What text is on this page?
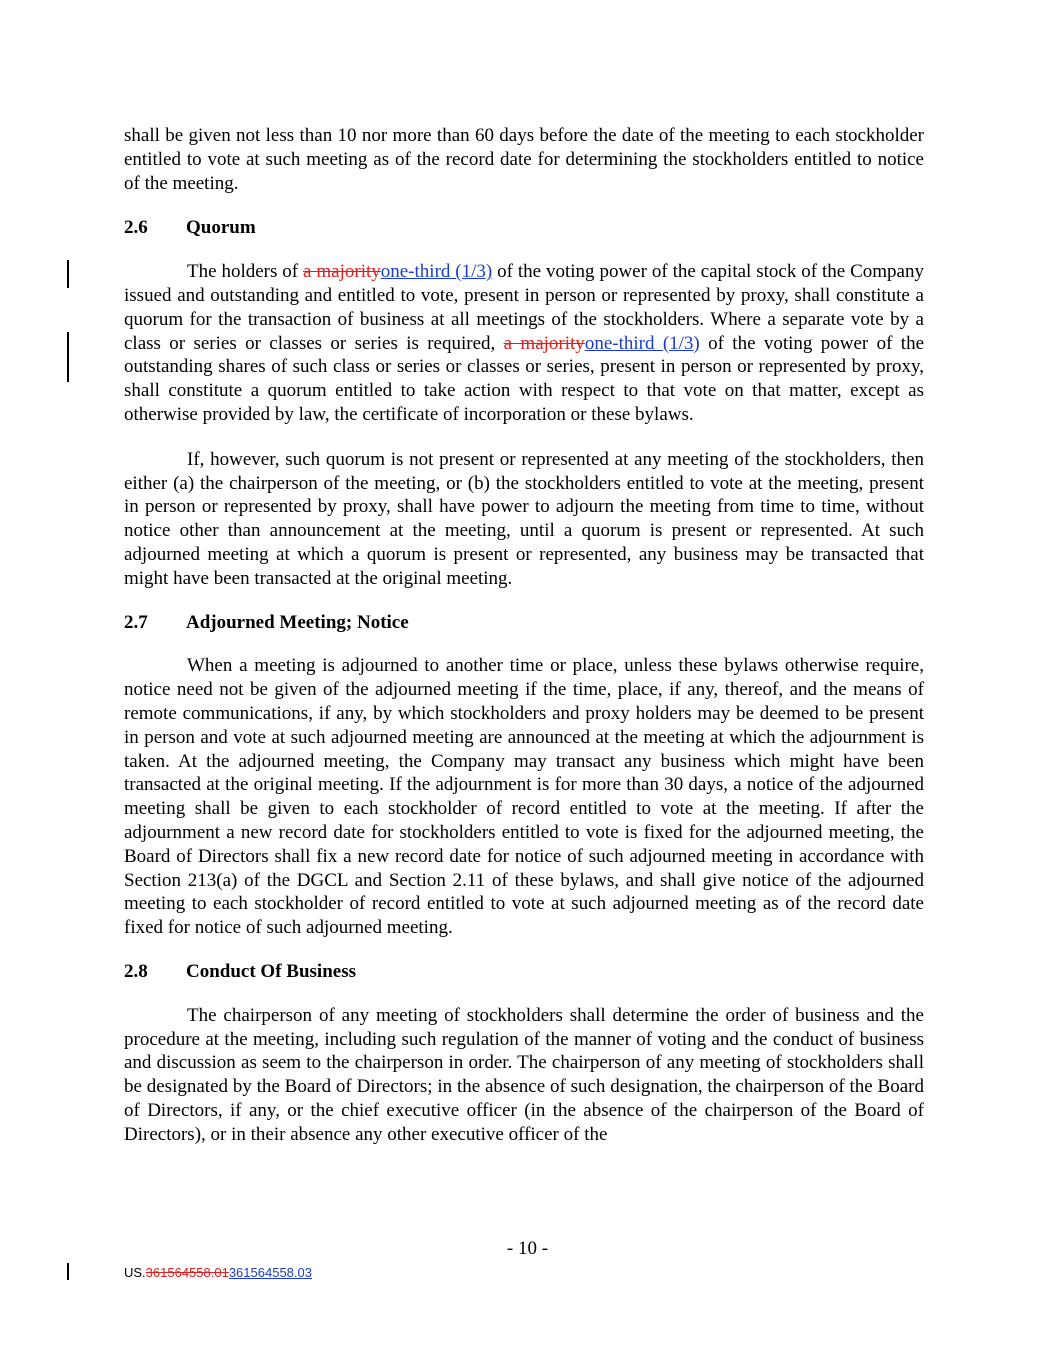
shall be given not less than 10 nor more than 60 days before the date of the meeting to each stockholder entitled to vote at such meeting as of the record date for determining the stockholders entitled to notice of the meeting.

2.6 Quorum

The holders of a majorityone-third (1/3) of the voting power of the capital stock of the Company issued and outstanding and entitled to vote, present in person or represented by proxy, shall constitute a quorum for the transaction of business at all meetings of the stockholders. Where a separate vote by a class or series or classes or series is required, a majorityone-third (1/3) of the voting power of the outstanding shares of such class or series or classes or series, present in person or represented by proxy, shall constitute a quorum entitled to take action with respect to that vote on that matter, except as otherwise provided by law, the certificate of incorporation or these bylaws.

If, however, such quorum is not present or represented at any meeting of the stockholders, then either (a) the chairperson of the meeting, or (b) the stockholders entitled to vote at the meeting, present in person or represented by proxy, shall have power to adjourn the meeting from time to time, without notice other than announcement at the meeting, until a quorum is present or represented. At such adjourned meeting at which a quorum is present or represented, any business may be transacted that might have been transacted at the original meeting.

2.7 Adjourned Meeting; Notice

When a meeting is adjourned to another time or place, unless these bylaws otherwise require, notice need not be given of the adjourned meeting if the time, place, if any, thereof, and the means of remote communications, if any, by which stockholders and proxy holders may be deemed to be present in person and vote at such adjourned meeting are announced at the meeting at which the adjournment is taken. At the adjourned meeting, the Company may transact any business which might have been transacted at the original meeting. If the adjournment is for more than 30 days, a notice of the adjourned meeting shall be given to each stockholder of record entitled to vote at the meeting. If after the adjournment a new record date for stockholders entitled to vote is fixed for the adjourned meeting, the Board of Directors shall fix a new record date for notice of such adjourned meeting in accordance with Section 213(a) of the DGCL and Section 2.11 of these bylaws, and shall give notice of the adjourned meeting to each stockholder of record entitled to vote at such adjourned meeting as of the record date fixed for notice of such adjourned meeting.

2.8 Conduct Of Business

The chairperson of any meeting of stockholders shall determine the order of business and the procedure at the meeting, including such regulation of the manner of voting and the conduct of business and discussion as seem to the chairperson in order. The chairperson of any meeting of stockholders shall be designated by the Board of Directors; in the absence of such designation, the chairperson of the Board of Directors, if any, or the chief executive officer (in the absence of the chairperson of the Board of Directors), or in their absence any other executive officer of the

- 10 -
US.361564558.01361564558.03
